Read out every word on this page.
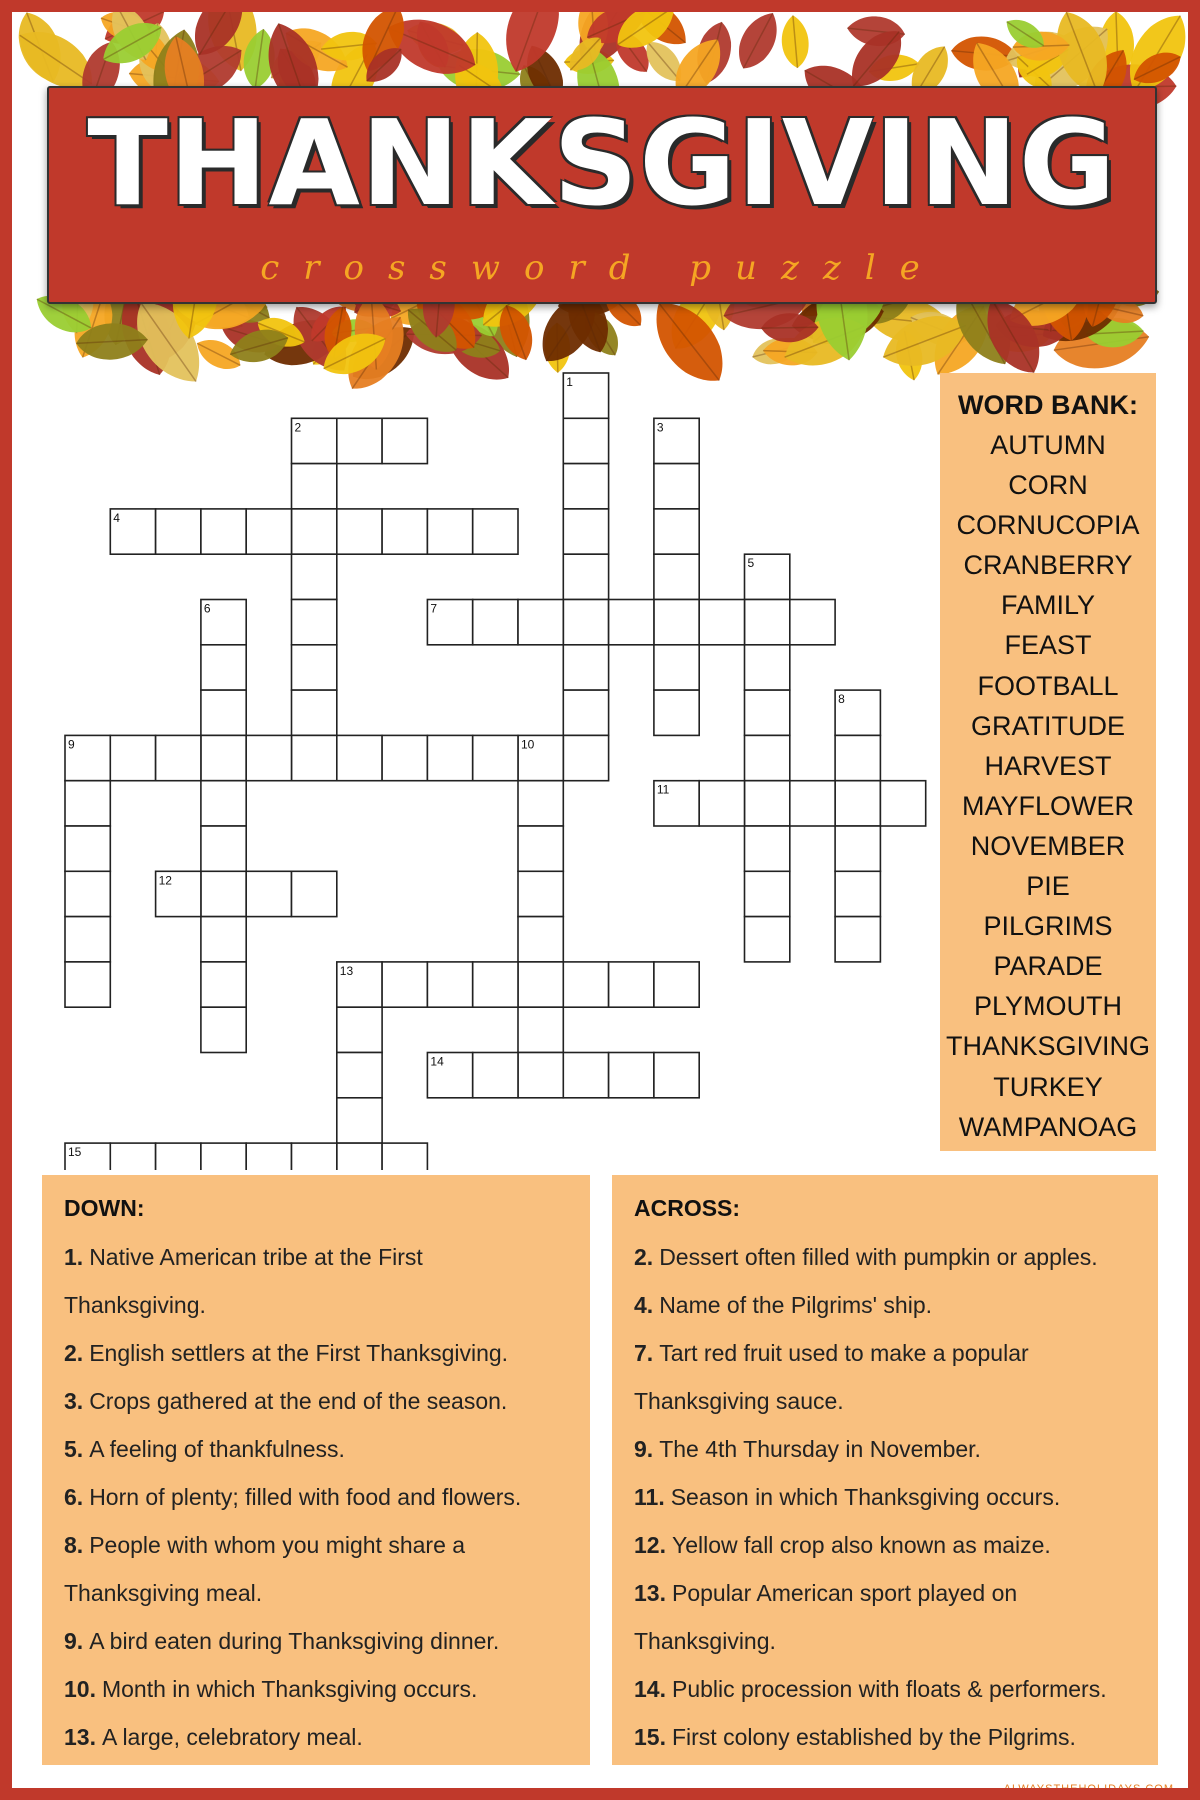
THANKSGIVING
crossword puzzle
1
2	3
5
6
8
9	10
13
4
7
11
12
14
15
WORD BANK:
AUTUMN
CORN
CORNUCOPIA
CRANBERRY
FAMILY
FEAST
FOOTBALL
GRATITUDE
HARVEST
MAYFLOWER
NOVEMBER
PIE
PILGRIMS
PARADE
PLYMOUTH
THANKSGIVING
TURKEY
WAMPANOAG
DOWN:
1. Native American tribe at the First
Thanksgiving.
2. English settlers at the First Thanksgiving.
3. Crops gathered at the end of the season.
5. A feeling of thankfulness.
6. Horn of plenty; filled with food and flowers.
8. People with whom you might share a
Thanksgiving meal.
9. A bird eaten during Thanksgiving dinner.
10. Month in which Thanksgiving occurs.
13. A large, celebratory meal.
ACROSS:
2. Dessert often filled with pumpkin or apples.
4. Name of the Pilgrims' ship.
7. Tart red fruit used to make a popular
Thanksgiving sauce.
9. The 4th Thursday in November.
11. Season in which Thanksgiving occurs.
12. Yellow fall crop also known as maize.
13. Popular American sport played on
Thanksgiving.
14. Public procession with floats & performers.
15. First colony established by the Pilgrims.
ALWAYSTHEHOLIDAYS.COM
